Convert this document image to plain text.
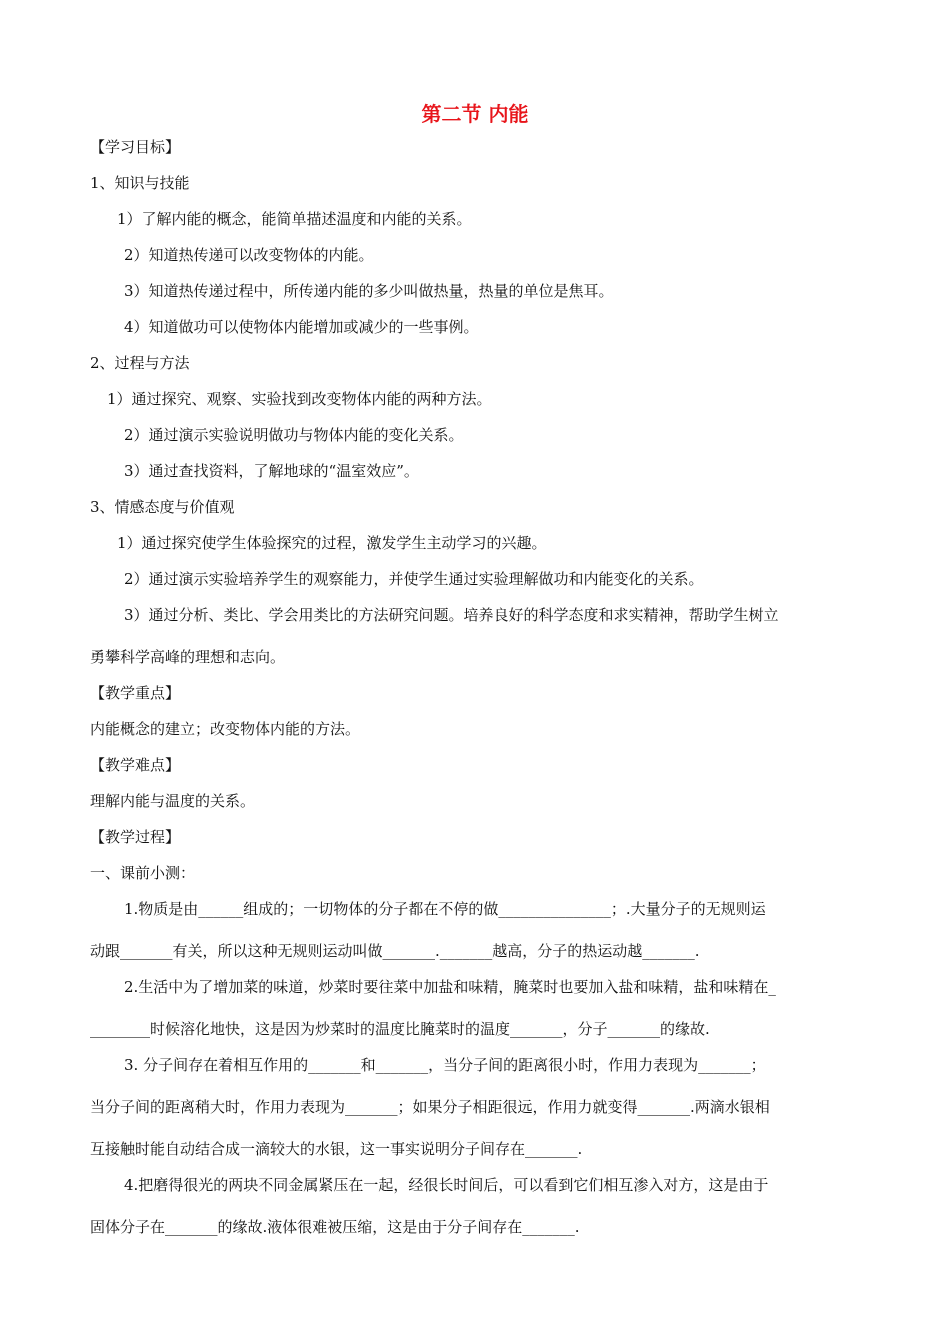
第二节 内能
【学习目标】
1、知识与技能
1）了解内能的概念，能简单描述温度和内能的关系。
2）知道热传递可以改变物体的内能。
3）知道热传递过程中，所传递内能的多少叫做热量，热量的单位是焦耳。
4）知道做功可以使物体内能增加或减少的一些事例。
2、过程与方法
1）通过探究、观察、实验找到改变物体内能的两种方法。
2）通过演示实验说明做功与物体内能的变化关系。
3）通过查找资料，了解地球的“温室效应”。
3、情感态度与价值观
1）通过探究使学生体验探究的过程，激发学生主动学习的兴趣。
2）通过演示实验培养学生的观察能力，并使学生通过实验理解做功和内能变化的关系。
3）通过分析、类比、学会用类比的方法研究问题。培养良好的科学态度和求实精神，帮助学生树立
勇攀科学高峰的理想和志向。
【教学重点】
内能概念的建立；改变物体内能的方法。
【教学难点】
理解内能与温度的关系。
【教学过程】
一、课前小测：
1.物质是由______组成的；一切物体的分子都在不停的做_______________；.大量分子的无规则运
动跟_______有关，所以这种无规则运动叫做_______._______越高，分子的热运动越_______.
2.生活中为了增加菜的味道，炒菜时要往菜中加盐和味精，腌菜时也要加入盐和味精，盐和味精在_
________时候溶化地快，这是因为炒菜时的温度比腌菜时的温度_______，分子_______的缘故.
3. 分子间存在着相互作用的_______和_______，当分子间的距离很小时，作用力表现为_______；
当分子间的距离稍大时，作用力表现为_______；如果分子相距很远，作用力就变得_______.两滴水银相
互接触时能自动结合成一滴较大的水银，这一事实说明分子间存在_______.
4.把磨得很光的两块不同金属紧压在一起，经很长时间后，可以看到它们相互渗入对方，这是由于
固体分子在_______的缘故.液体很难被压缩，这是由于分子间存在_______.
